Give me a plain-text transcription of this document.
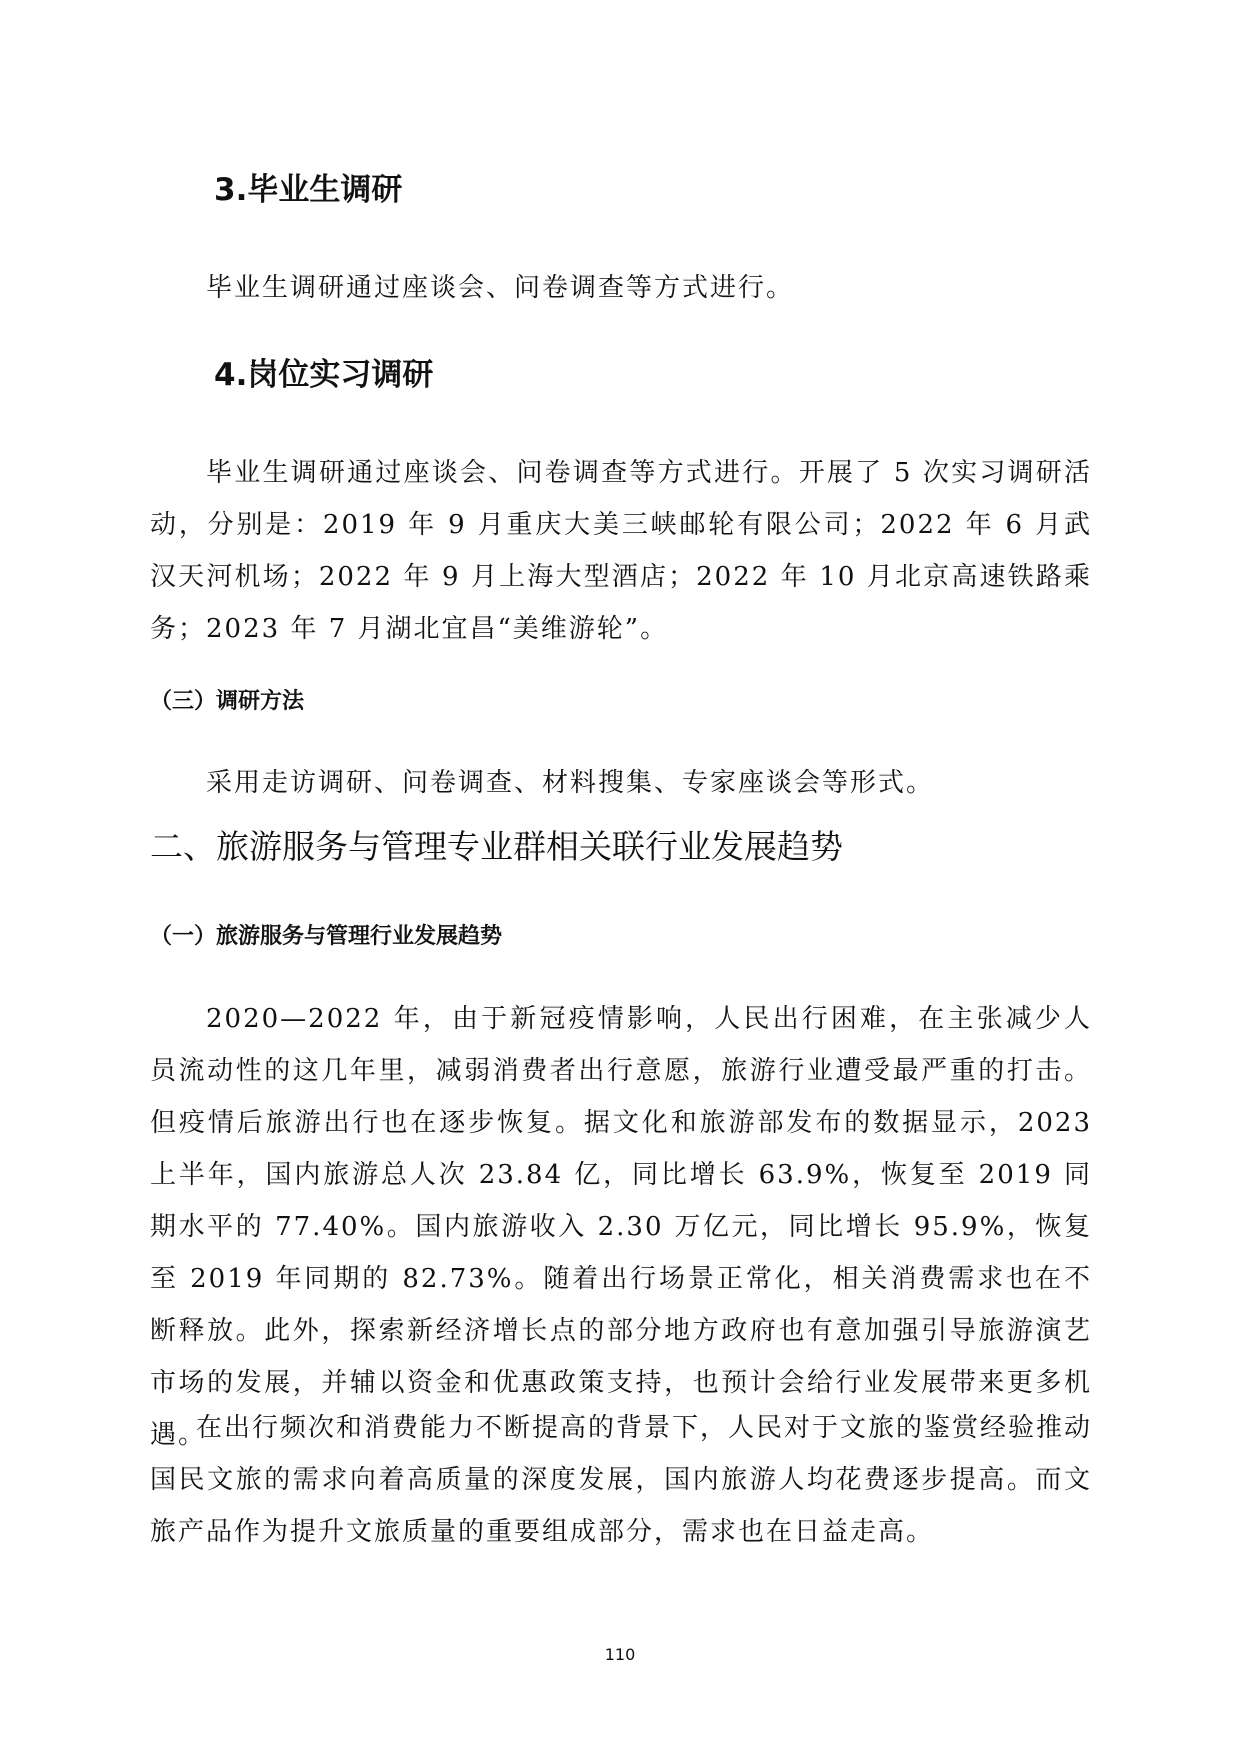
3.毕业生调研
毕业生调研通过座谈会、问卷调查等方式进行。
4.岗位实习调研
毕业生调研通过座谈会、问卷调查等方式进行。开展了 5 次实习调研活动，分别是：2019 年 9 月重庆大美三峡邮轮有限公司；2022 年 6 月武汉天河机场；2022 年 9 月上海大型酒店；2022 年 10 月北京高速铁路乘务；2023 年 7 月湖北宜昌“美维游轮”。
（三）调研方法
采用走访调研、问卷调查、材料搜集、专家座谈会等形式。
二、旅游服务与管理专业群相关联行业发展趋势
（一）旅游服务与管理行业发展趋势
2020—2022 年，由于新冠疫情影响，人民出行困难，在主张减少人员流动性的这几年里，减弱消费者出行意愿，旅游行业遭受最严重的打击。但疫情后旅游出行也在逐步恢复。据文化和旅游部发布的数据显示，2023 上半年，国内旅游总人次 23.84 亿，同比增长 63.9%，恢复至 2019 同期水平的 77.40%。国内旅游收入 2.30 万亿元，同比增长 95.9%，恢复至 2019 年同期的 82.73%。随着出行场景正常化，相关消费需求也在不断释放。此外，探索新经济增长点的部分地方政府也有意加强引导旅游演艺市场的发展，并辅以资金和优惠政策支持，也预计会给行业发展带来更多机遇。
在出行频次和消费能力不断提高的背景下，人民对于文旅的鉴赏经验推动国民文旅的需求向着高质量的深度发展，国内旅游人均花费逐步提高。而文旅产品作为提升文旅质量的重要组成部分，需求也在日益走高。
110
